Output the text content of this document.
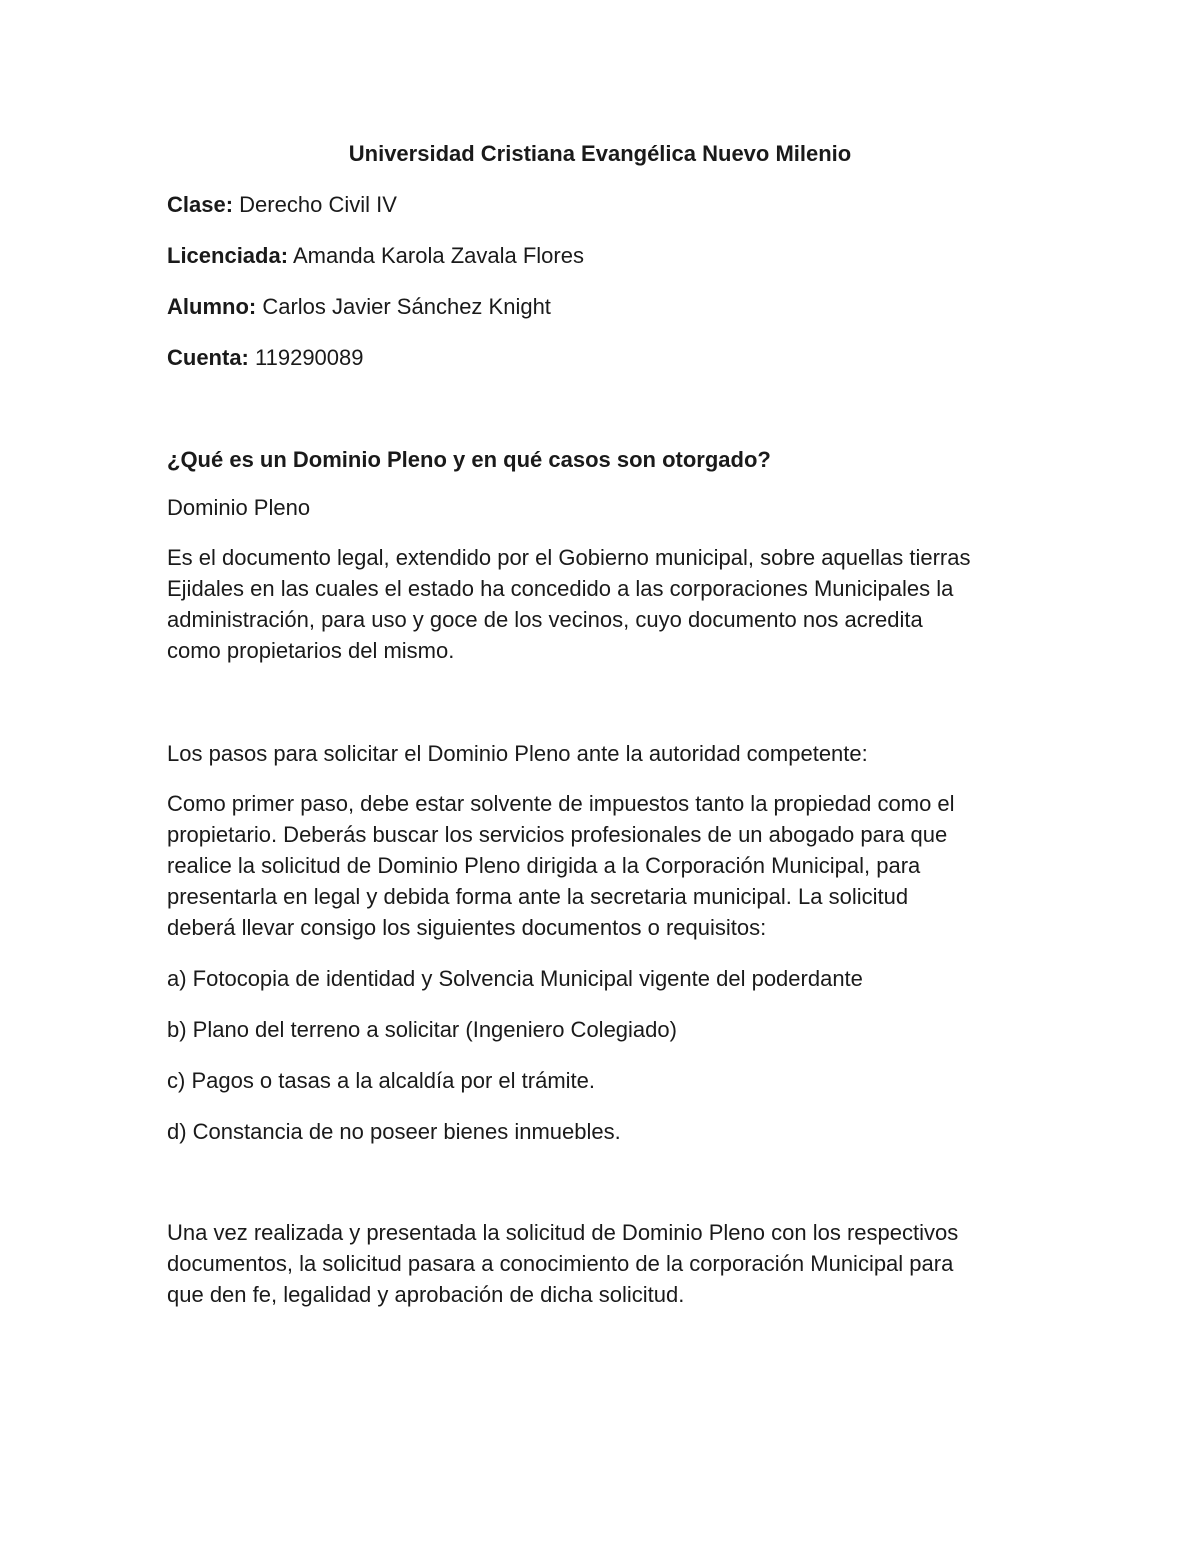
Universidad Cristiana Evangélica Nuevo Milenio
Clase: Derecho Civil IV
Licenciada: Amanda Karola Zavala Flores
Alumno: Carlos Javier Sánchez Knight
Cuenta: 119290089
¿Qué es un Dominio Pleno y en qué casos son otorgado?
Dominio Pleno
Es el documento legal, extendido por el Gobierno municipal, sobre aquellas tierras
Ejidales en las cuales el estado ha concedido a las corporaciones Municipales la
administración, para uso y goce de los vecinos, cuyo documento nos acredita
como propietarios del mismo.
Los pasos para solicitar el Dominio Pleno ante la autoridad competente:
Como primer paso, debe estar solvente de impuestos tanto la propiedad como el
propietario. Deberás buscar los servicios profesionales de un abogado para que
realice la solicitud de Dominio Pleno dirigida a la Corporación Municipal, para
presentarla en legal y debida forma ante la secretaria municipal. La solicitud
deberá llevar consigo los siguientes documentos o requisitos:
a) Fotocopia de identidad y Solvencia Municipal vigente del poderdante
b) Plano del terreno a solicitar (Ingeniero Colegiado)
c) Pagos o tasas a la alcaldía por el trámite.
d) Constancia de no poseer bienes inmuebles.
Una vez realizada y presentada la solicitud de Dominio Pleno con los respectivos
documentos, la solicitud pasara a conocimiento de la corporación Municipal para
que den fe, legalidad y aprobación de dicha solicitud.
